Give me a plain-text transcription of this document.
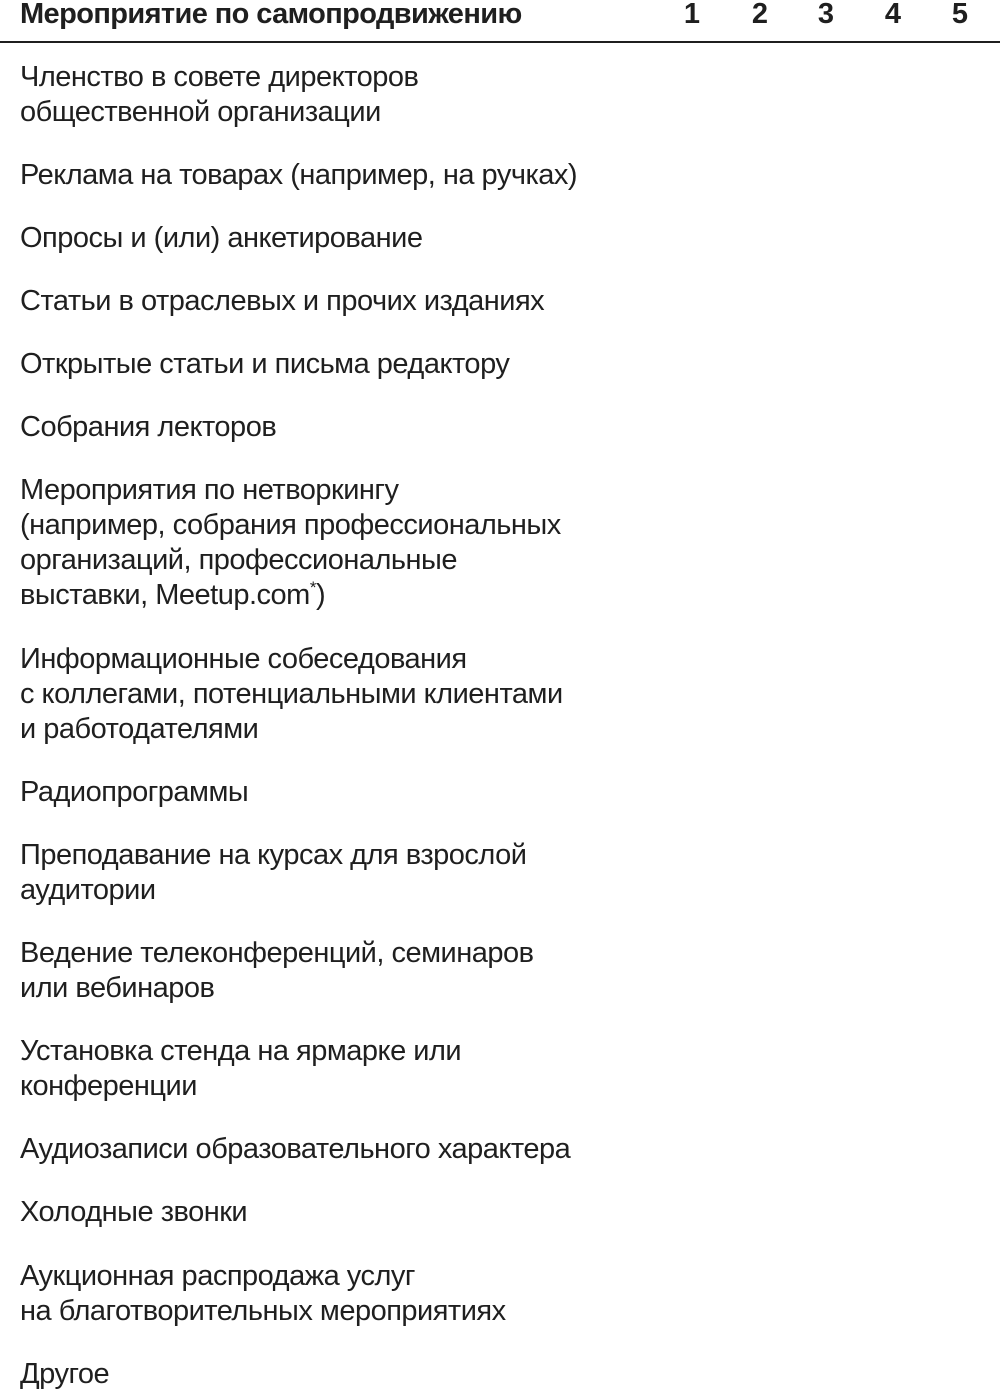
Мероприятие по самопродвижению	1 2 3 4 5
Членство в совете директоров
общественной организации
Реклама на товарах (например, на ручках)
Опросы и (или) анкетирование
Статьи в отраслевых и прочих изданиях
Открытые статьи и письма редактору
Собрания лекторов
Мероприятия по нетворкингу
(например, собрания профессиональных
организаций, профессиональные
выставки, Meetup.com*)
Информационные собеседования
с коллегами, потенциальными клиентами
и работодателями
Радиопрограммы
Преподавание на курсах для взрослой
аудитории
Ведение телеконференций, семинаров
или вебинаров
Установка стенда на ярмарке или
конференции
Аудиозаписи образовательного характера
Холодные звонки
Аукционная распродажа услуг
на благотворительных мероприятиях
Другое
